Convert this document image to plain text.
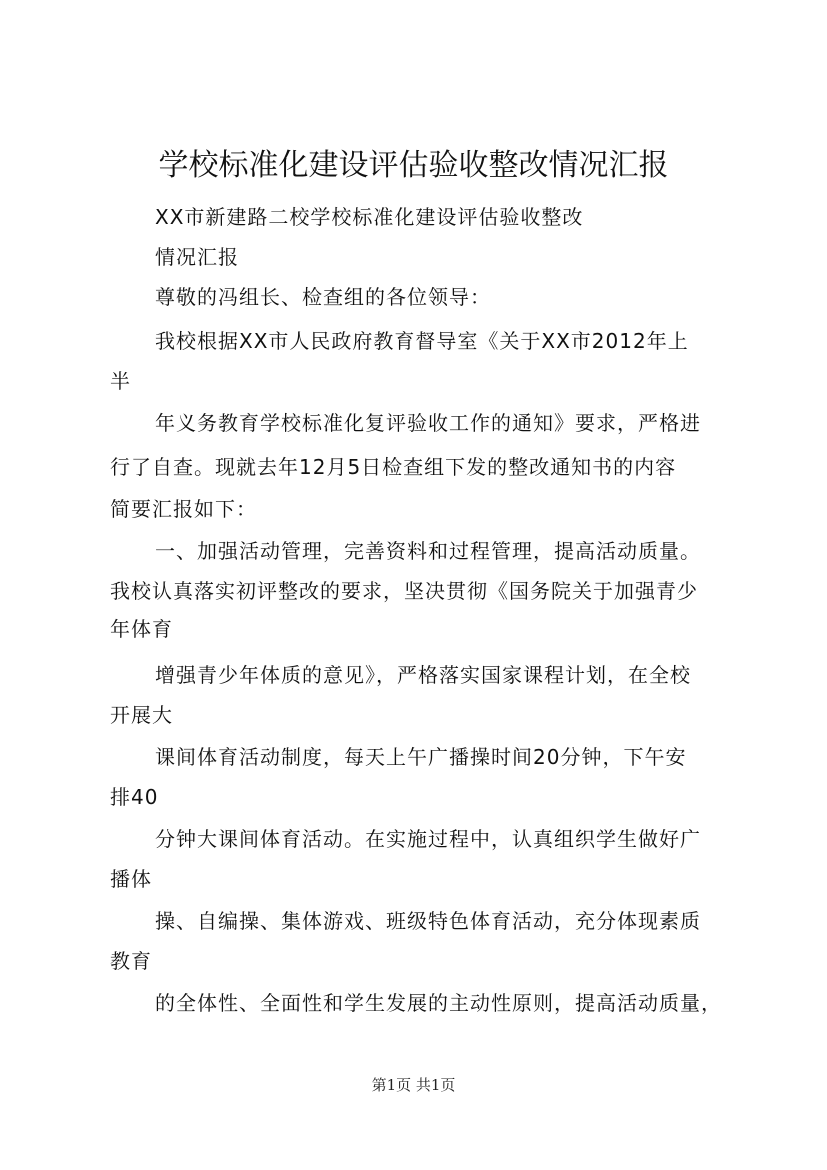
学校标准化建设评估验收整改情况汇报
XX市新建路二校学校标准化建设评估验收整改
情况汇报
尊敬的冯组长、检查组的各位领导：
我校根据XX市人民政府教育督导室《关于XX市2012年上
半
年义务教育学校标准化复评验收工作的通知》要求，严格进
行了自查。现就去年12月5日检查组下发的整改通知书的内容
简要汇报如下：
一、加强活动管理，完善资料和过程管理，提高活动质量。
我校认真落实初评整改的要求，坚决贯彻《国务院关于加强青少
年体育
增强青少年体质的意见》，严格落实国家课程计划，在全校
开展大
课间体育活动制度，每天上午广播操时间20分钟，下午安
排40
分钟大课间体育活动。在实施过程中，认真组织学生做好广
播体
操、自编操、集体游戏、班级特色体育活动，充分体现素质
教育
的全体性、全面性和学生发展的主动性原则，提高活动质量，
第1页 共1页
